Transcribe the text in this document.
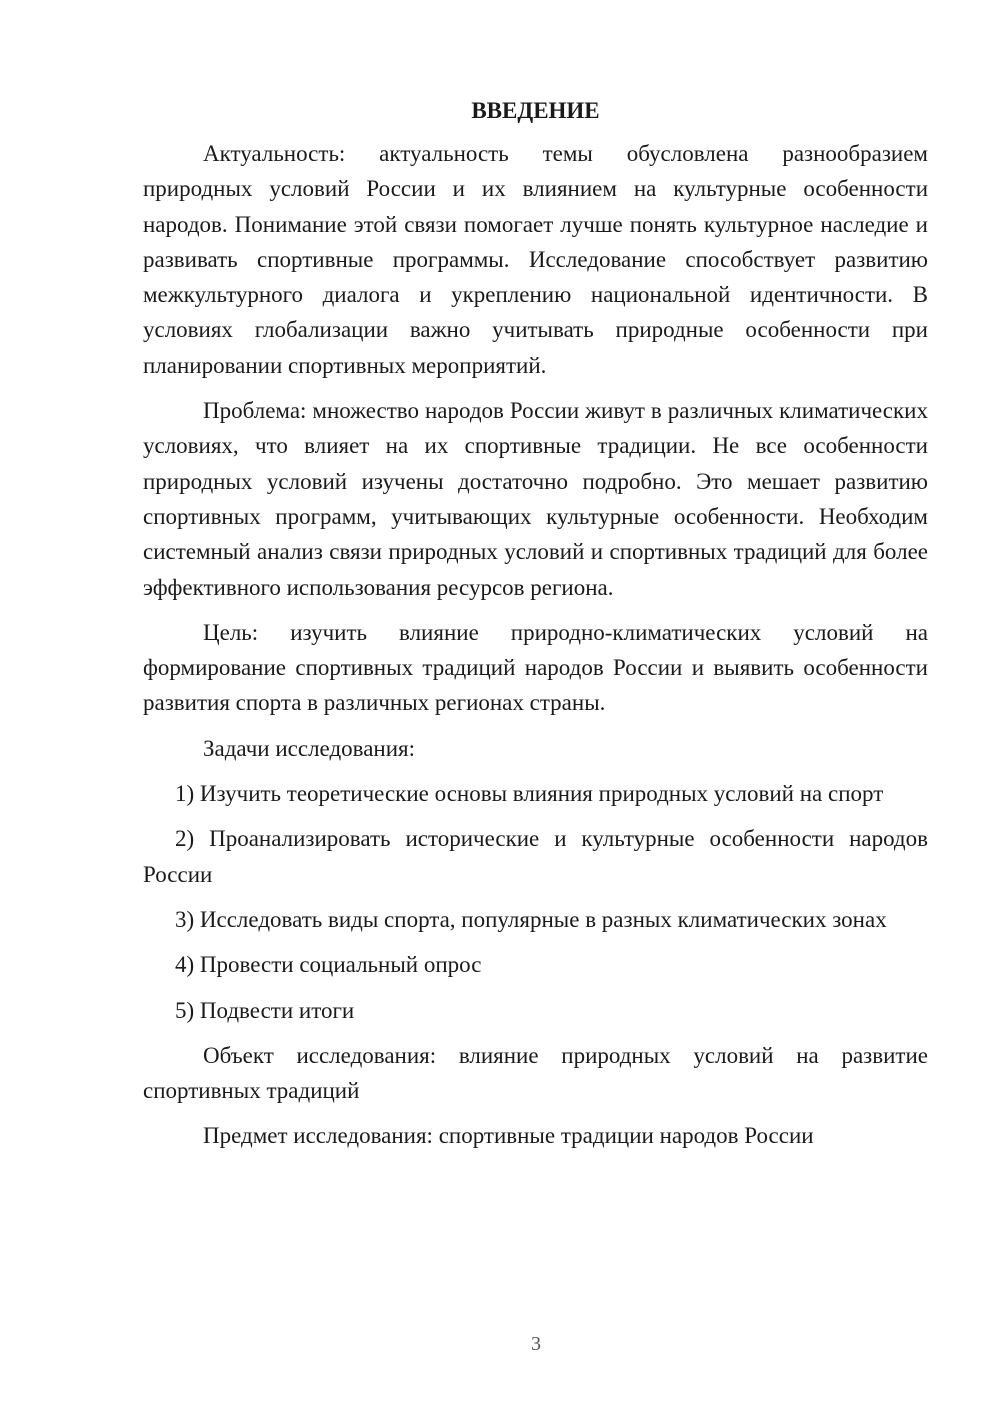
ВВЕДЕНИЕ

Актуальность: актуальность темы обусловлена разнообразием природных условий России и их влиянием на культурные особенности народов. Понимание этой связи помогает лучше понять культурное наследие и развивать спортивные программы. Исследование способствует развитию межкультурного диалога и укреплению национальной идентичности. В условиях глобализации важно учитывать природные особенности при планировании спортивных мероприятий.

Проблема: множество народов России живут в различных климатических условиях, что влияет на их спортивные традиции. Не все особенности природных условий изучены достаточно подробно. Это мешает развитию спортивных программ, учитывающих культурные особенности. Необходим системный анализ связи природных условий и спортивных традиций для более эффективного использования ресурсов региона.

Цель: изучить влияние природно-климатических условий на формирование спортивных традиций народов России и выявить особенности развития спорта в различных регионах страны.

Задачи исследования:

1) Изучить теоретические основы влияния природных условий на спорт

2) Проанализировать исторические и культурные особенности народов России

3) Исследовать виды спорта, популярные в разных климатических зонах

4) Провести социальный опрос

5) Подвести итоги

Объект исследования: влияние природных условий на развитие спортивных традиций

Предмет исследования: спортивные традиции народов России

3
